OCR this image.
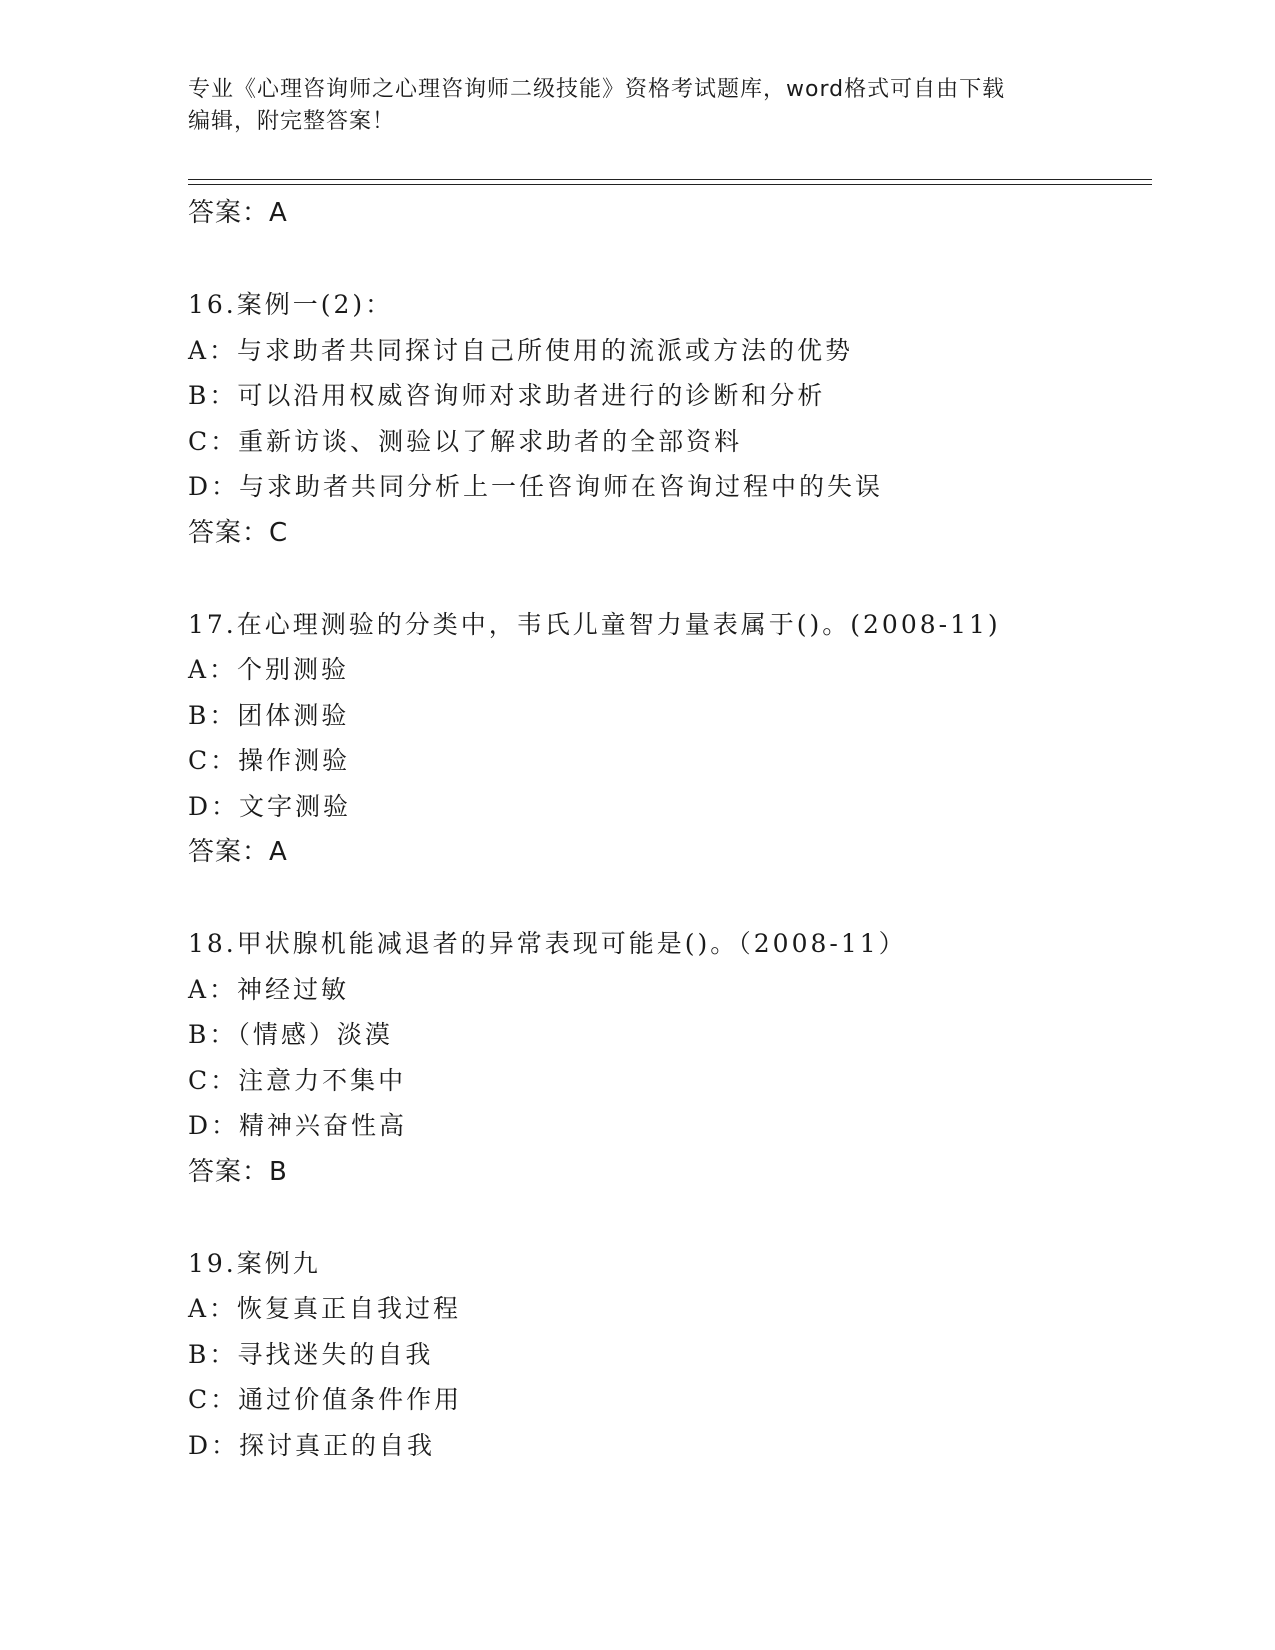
专业《心理咨询师之心理咨询师二级技能》资格考试题库，word格式可自由下载
编辑，附完整答案！
答案：A
16.案例一(2)：
A：与求助者共同探讨自己所使用的流派或方法的优势
B：可以沿用权威咨询师对求助者进行的诊断和分析
C：重新访谈、测验以了解求助者的全部资料
D：与求助者共同分析上一任咨询师在咨询过程中的失误
答案：C
17.在心理测验的分类中，韦氏儿童智力量表属于()。(2008-11)
A：个别测验
B：团体测验
C：操作测验
D：文字测验
答案：A
18.甲状腺机能减退者的异常表现可能是()。（2008-11）
A：神经过敏
B：（情感）淡漠
C：注意力不集中
D：精神兴奋性高
答案：B
19.案例九
A：恢复真正自我过程
B：寻找迷失的自我
C：通过价值条件作用
D：探讨真正的自我
